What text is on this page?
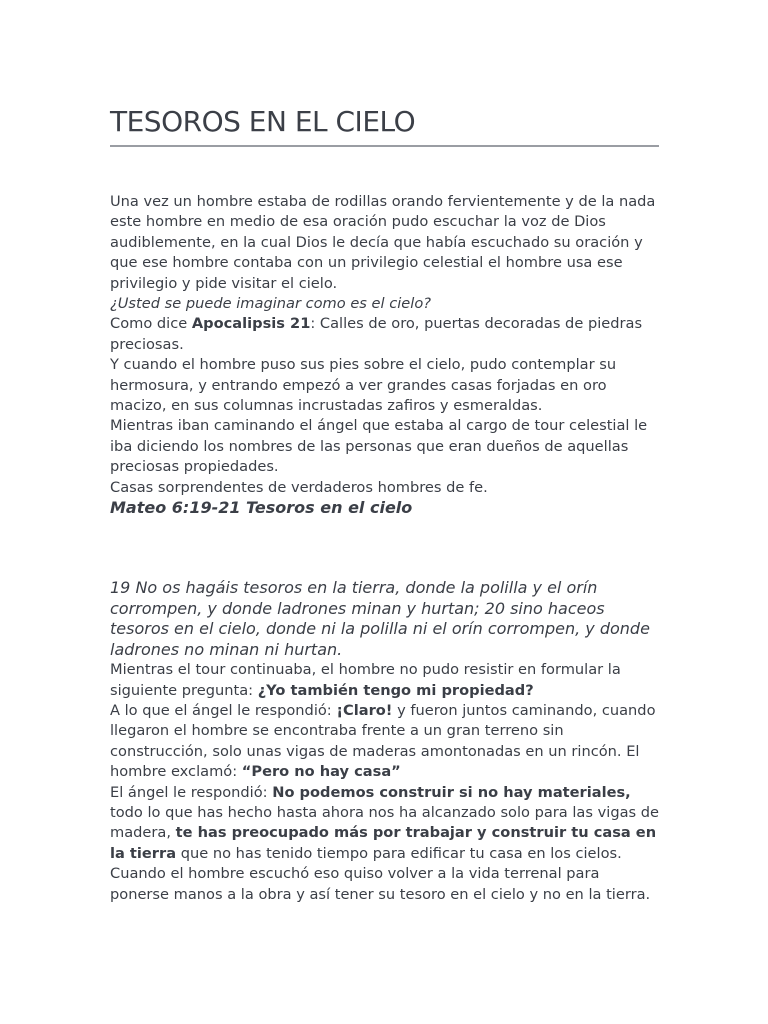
TESOROS EN EL CIELO

Una vez un hombre estaba de rodillas orando fervientemente y de la nada este hombre en medio de esa oración pudo escuchar la voz de Dios audiblemente, en la cual Dios le decía que había escuchado su oración y que ese hombre contaba con un privilegio celestial el hombre usa ese privilegio y pide visitar el cielo.

¿Usted se puede imaginar como es el cielo?

Como dice Apocalipsis 21: Calles de oro, puertas decoradas de piedras preciosas.

Y cuando el hombre puso sus pies sobre el cielo, pudo contemplar su hermosura, y entrando empezó a ver grandes casas forjadas en oro macizo, en sus columnas incrustadas zafiros y esmeraldas.

Mientras iban caminando el ángel que estaba al cargo de tour celestial le iba diciendo los nombres de las personas que eran dueños de aquellas preciosas propiedades.

Casas sorprendentes de verdaderos hombres de fe.

Mateo 6:19-21 Tesoros en el cielo

19 No os hagáis tesoros en la tierra, donde la polilla y el orín corrompen, y donde ladrones minan y hurtan; 20 sino haceos tesoros en el cielo, donde ni la polilla ni el orín corrompen, y donde ladrones no minan ni hurtan.

Mientras el tour continuaba, el hombre no pudo resistir en formular la siguiente pregunta: ¿Yo también tengo mi propiedad?

A lo que el ángel le respondió: ¡Claro! y fueron juntos caminando, cuando llegaron el hombre se encontraba frente a un gran terreno sin construcción, solo unas vigas de maderas amontonadas en un rincón. El hombre exclamó: “Pero no hay casa”

El ángel le respondió: No podemos construir si no hay materiales, todo lo que has hecho hasta ahora nos ha alcanzado solo para las vigas de madera, te has preocupado más por trabajar y construir tu casa en la tierra que no has tenido tiempo para edificar tu casa en los cielos. Cuando el hombre escuchó eso quiso volver a la vida terrenal para ponerse manos a la obra y así tener su tesoro en el cielo y no en la tierra.
